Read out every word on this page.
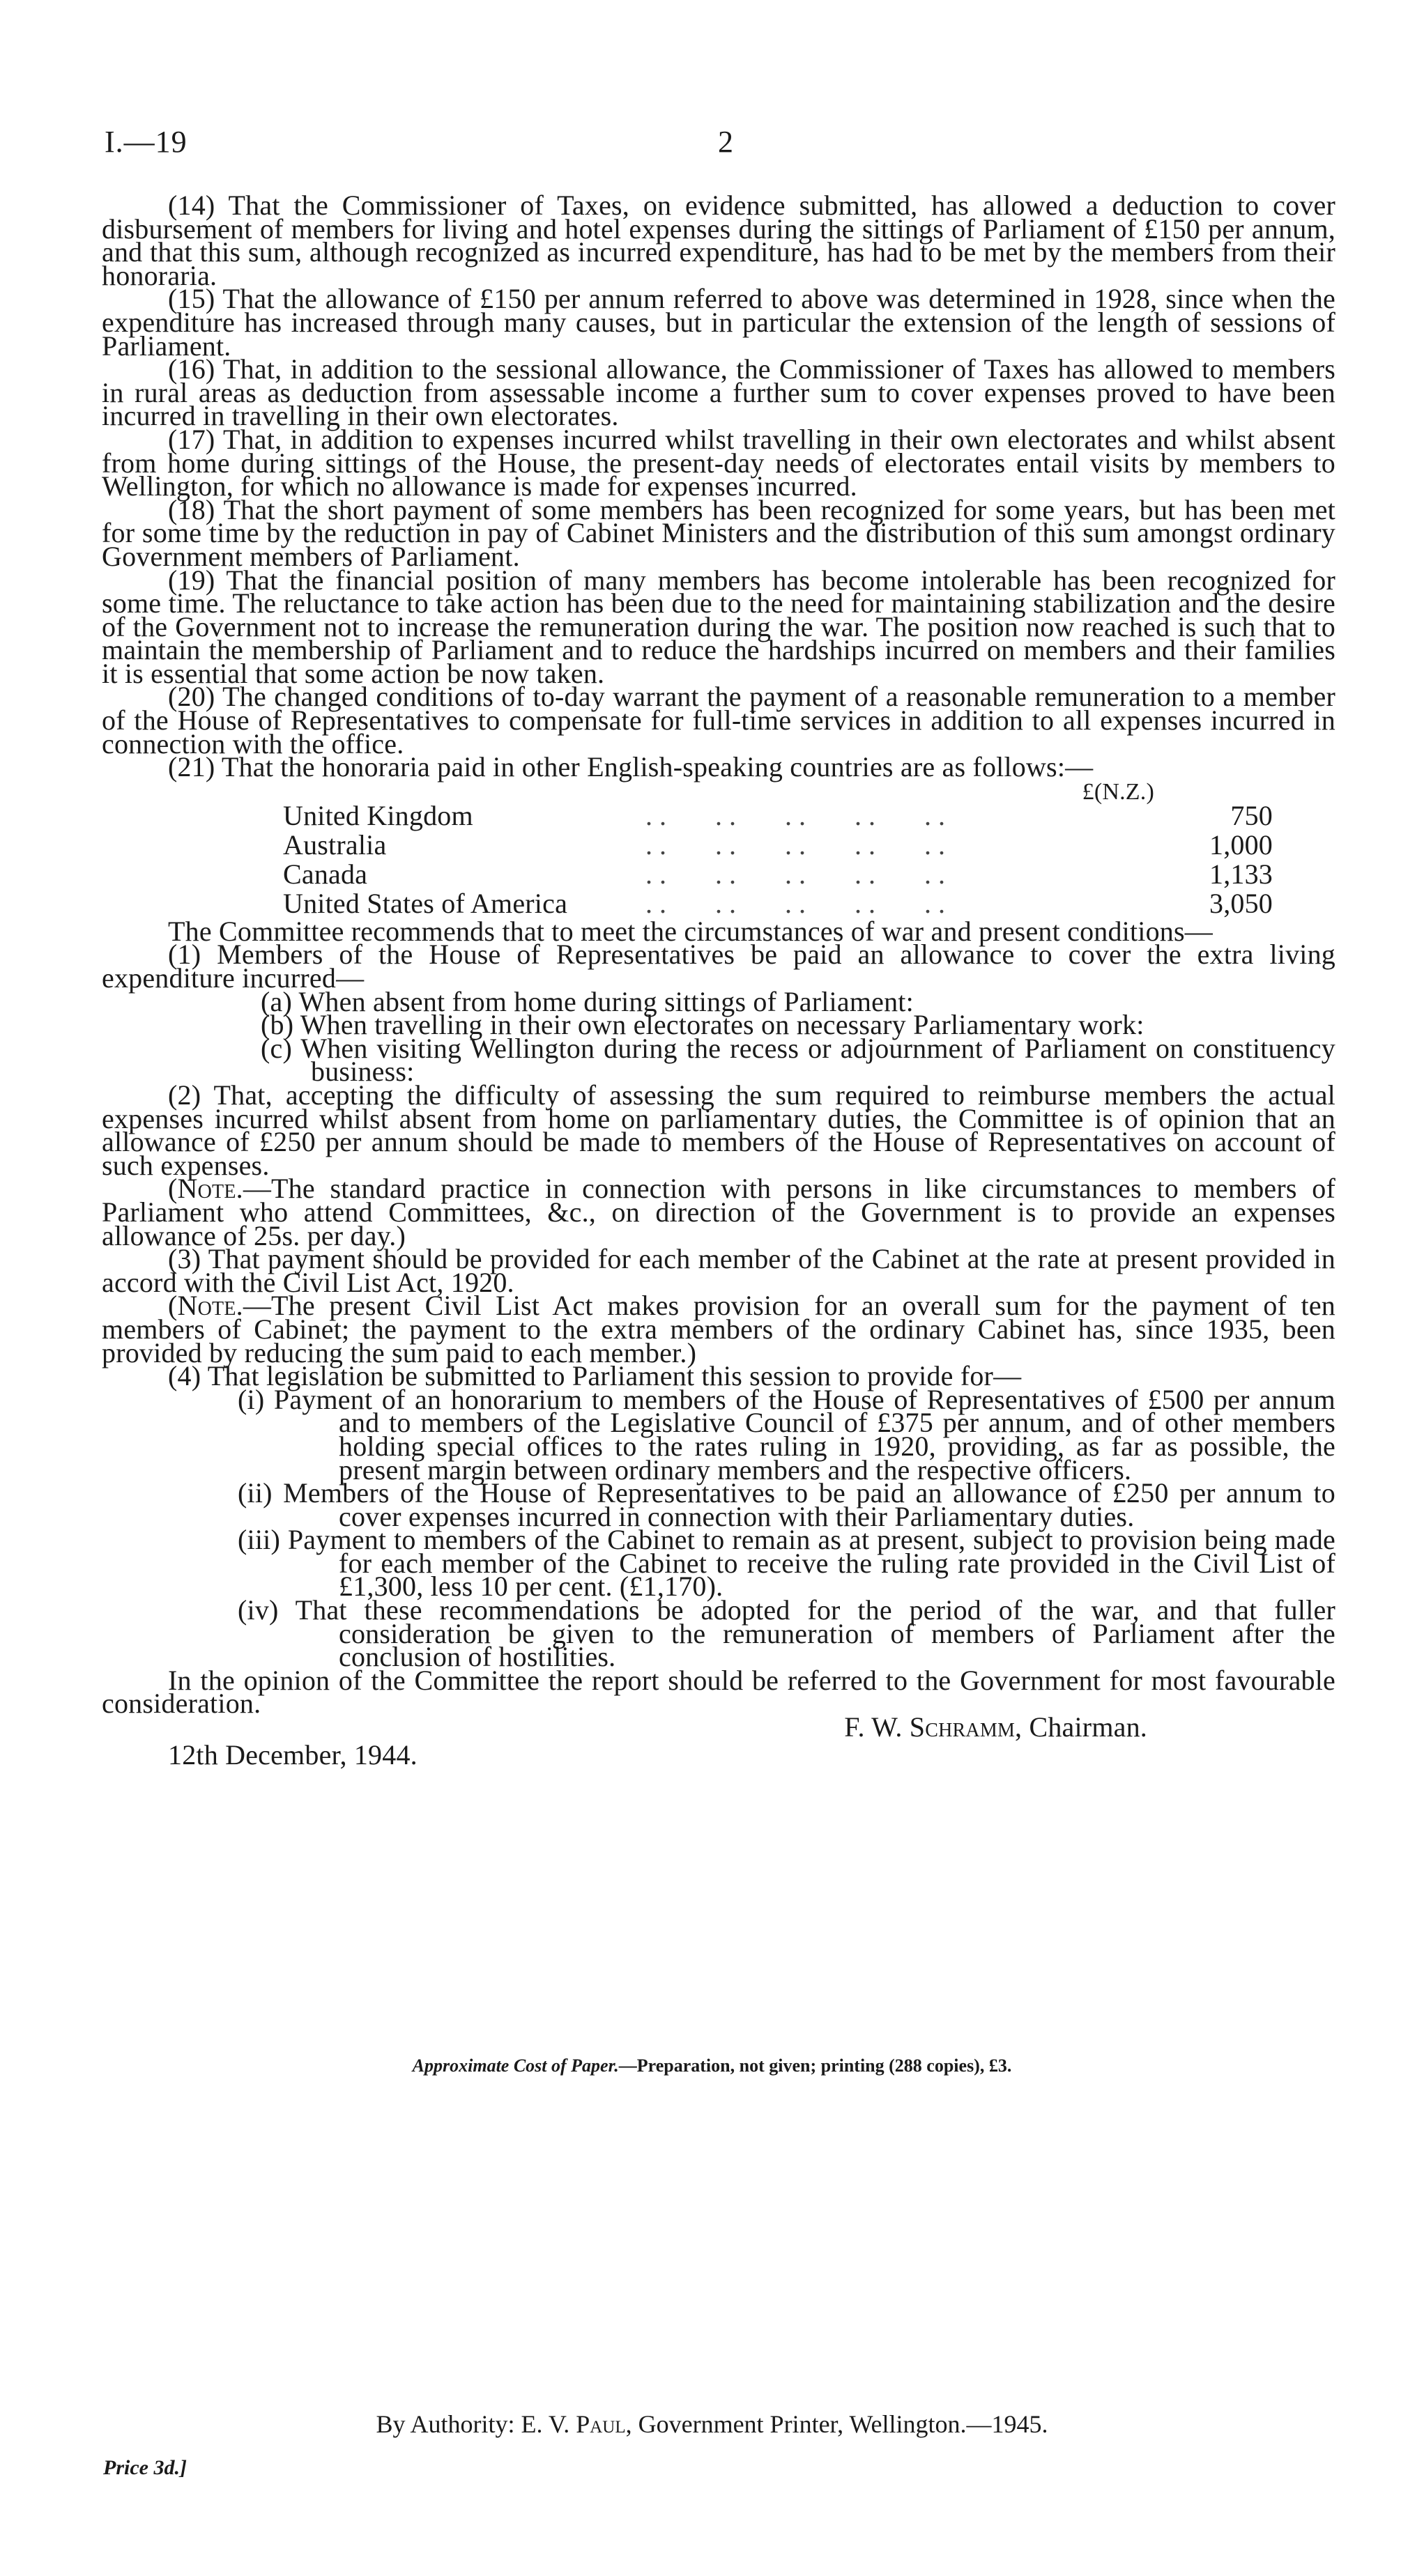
I.—19	2

(14) That the Commissioner of Taxes, on evidence submitted, has allowed a deduction to cover disbursement of members for living and hotel expenses during the sittings of Parliament of £150 per annum, and that this sum, although recognized as incurred expenditure, has had to be met by the members from their honoraria.

(15) That the allowance of £150 per annum referred to above was determined in 1928, since when the expenditure has increased through many causes, but in particular the extension of the length of sessions of Parliament.

(16) That, in addition to the sessional allowance, the Commissioner of Taxes has allowed to members in rural areas as deduction from assessable income a further sum to cover expenses proved to have been incurred in travelling in their own electorates.

(17) That, in addition to expenses incurred whilst travelling in their own electorates and whilst absent from home during sittings of the House, the present-day needs of electorates entail visits by members to Wellington, for which no allowance is made for expenses incurred.

(18) That the short payment of some members has been recognized for some years, but has been met for some time by the reduction in pay of Cabinet Ministers and the distribution of this sum amongst ordinary Government members of Parliament.

(19) That the financial position of many members has become intolerable has been recognized for some time. The reluctance to take action has been due to the need for maintaining stabilization and the desire of the Government not to increase the remuneration during the war. The position now reached is such that to maintain the membership of Parliament and to reduce the hardships incurred on members and their families it is essential that some action be now taken.

(20) The changed conditions of to-day warrant the payment of a reasonable remuneration to a member of the House of Representatives to compensate for full-time services in addition to all expenses incurred in connection with the office.

(21) That the honoraria paid in other English-speaking countries are as follows:—

£(N.Z.)
United Kingdom	..   ..   ..   ..   ..	750
Australia	..   ..   ..   ..   ..	1,000
Canada	..   ..   ..   ..   ..	1,133
United States of America	..   ..   ..   ..   ..	3,050

The Committee recommends that to meet the circumstances of war and present conditions—

(1) Members of the House of Representatives be paid an allowance to cover the extra living expenditure incurred—

(a) When absent from home during sittings of Parliament:

(b) When travelling in their own electorates on necessary Parliamentary work:

(c) When visiting Wellington during the recess or adjournment of Parliament on constituency business:

(2) That, accepting the difficulty of assessing the sum required to reimburse members the actual expenses incurred whilst absent from home on parliamentary duties, the Committee is of opinion that an allowance of £250 per annum should be made to members of the House of Representatives on account of such expenses.

(Note.—The standard practice in connection with persons in like circumstances to members of Parliament who attend Committees, &c., on direction of the Government is to provide an expenses allowance of 25s. per day.)

(3) That payment should be provided for each member of the Cabinet at the rate at present provided in accord with the Civil List Act, 1920.

(Note.—The present Civil List Act makes provision for an overall sum for the payment of ten members of Cabinet; the payment to the extra members of the ordinary Cabinet has, since 1935, been provided by reducing the sum paid to each member.)

(4) That legislation be submitted to Parliament this session to provide for—

(i) Payment of an honorarium to members of the House of Representatives of £500 per annum and to members of the Legislative Council of £375 per annum, and of other members holding special offices to the rates ruling in 1920, providing, as far as possible, the present margin between ordinary members and the respective officers.

(ii) Members of the House of Representatives to be paid an allowance of £250 per annum to cover expenses incurred in connection with their Parliamentary duties.

(iii) Payment to members of the Cabinet to remain as at present, subject to provision being made for each member of the Cabinet to receive the ruling rate provided in the Civil List of £1,300, less 10 per cent. (£1,170).

(iv) That these recommendations be adopted for the period of the war, and that fuller consideration be given to the remuneration of members of Parliament after the conclusion of hostilities.

In the opinion of the Committee the report should be referred to the Government for most favourable consideration.

F. W. Schramm, Chairman.
12th December, 1944.
Approximate Cost of Paper.—Preparation, not given; printing (288 copies), £3.
By Authority: E. V. Paul, Government Printer, Wellington.—1945.
Price 3d.]
